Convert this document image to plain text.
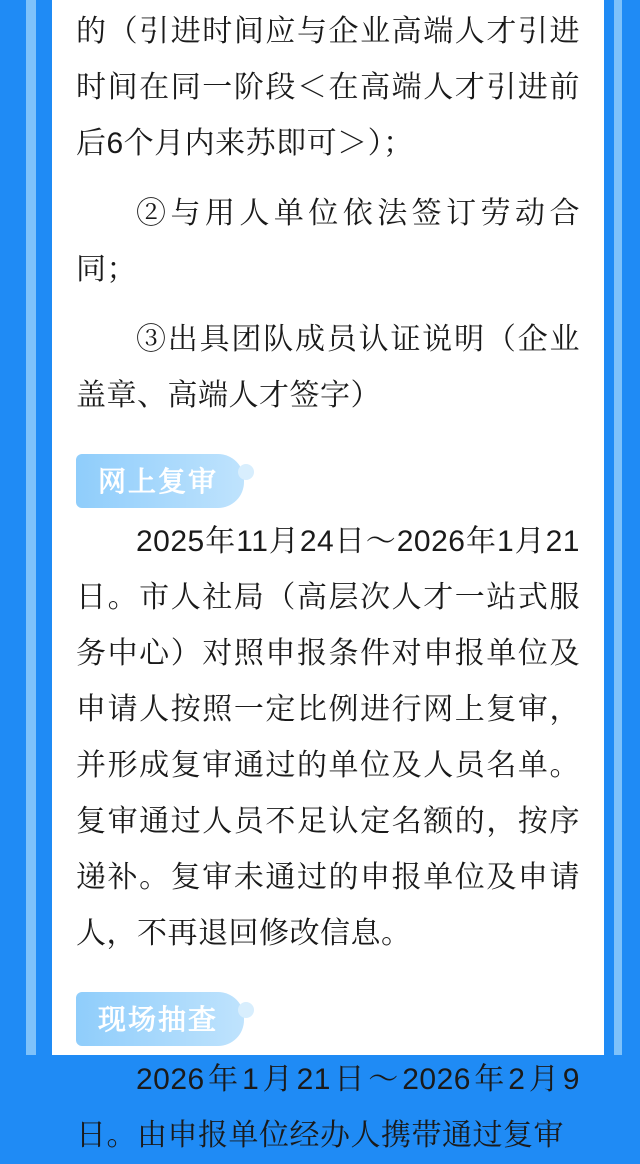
的（引进时间应与企业高端人才引进时间在同一阶段＜在高端人才引进前后6个月内来苏即可＞）；

②与用人单位依法签订劳动合同；

③出具团队成员认证说明（企业盖章、高端人才签字）

网上复审

2025年11月24日～2026年1月21日。市人社局（高层次人才一站式服务中心）对照申报条件对申报单位及申请人按照一定比例进行网上复审，并形成复审通过的单位及人员名单。复审通过人员不足认定名额的，按序递补。复审未通过的申报单位及申请人，不再退回修改信息。

现场抽查

2026年1月21日～2026年2月9日。由申报单位经办人携带通过复审
